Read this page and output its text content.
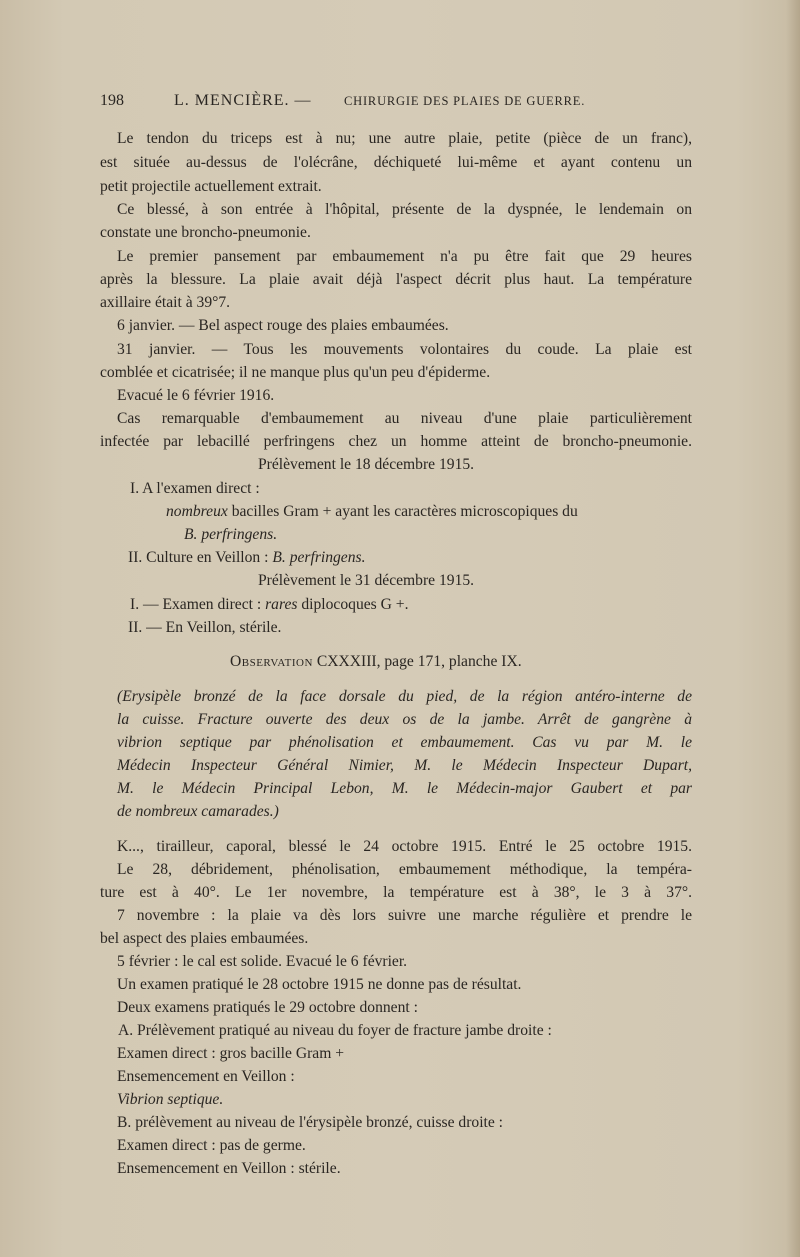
198	L. MENCIÈRE. —	CHIRURGIE DES PLAIES DE GUERRE.
Le tendon du triceps est à nu; une autre plaie, petite (pièce de un franc),
est située au-dessus de l'olécrâne, déchiqueté lui-même et ayant contenu un
petit projectile actuellement extrait.
Ce blessé, à son entrée à l'hôpital, présente de la dyspnée, le lendemain on
constate une broncho-pneumonie.
Le premier pansement par embaumement n'a pu être fait que 29 heures
après la blessure. La plaie avait déjà l'aspect décrit plus haut. La température
axillaire était à 39°7.
6 janvier. — Bel aspect rouge des plaies embaumées.
31 janvier. — Tous les mouvements volontaires du coude. La plaie est
comblée et cicatrisée; il ne manque plus qu'un peu d'épiderme.
Evacué le 6 février 1916.
Cas remarquable d'embaumement au niveau d'une plaie particulièrement
infectée par lebacillé perfringens chez un homme atteint de broncho-pneumonie.
Prélèvement le 18 décembre 1915.
I. A l'examen direct :
nombreux bacilles Gram + ayant les caractères microscopiques du
B. perfringens.
II. Culture en Veillon : B. perfringens.
Prélèvement le 31 décembre 1915.
I. — Examen direct : rares diplocoques G +.
II. — En Veillon, stérile.
Observation CXXXIII, page 171, planche IX.
(Erysipèle bronzé de la face dorsale du pied, de la région antéro-interne de
la cuisse. Fracture ouverte des deux os de la jambe. Arrêt de gangrène à
vibrion septique par phénolisation et embaumement. Cas vu par M. le
Médecin Inspecteur Général Nimier, M. le Médecin Inspecteur Dupart,
M. le Médecin Principal Lebon, M. le Médecin-major Gaubert et par
de nombreux camarades.)
K..., tirailleur, caporal, blessé le 24 octobre 1915. Entré le 25 octobre 1915.
Le 28, débridement, phénolisation, embaumement méthodique, la tempéra-
ture est à 40°. Le 1er novembre, la température est à 38°, le 3 à 37°.
7 novembre : la plaie va dès lors suivre une marche régulière et prendre le
bel aspect des plaies embaumées.
5 février : le cal est solide. Evacué le 6 février.
Un examen pratiqué le 28 octobre 1915 ne donne pas de résultat.
Deux examens pratiqués le 29 octobre donnent :
A. Prélèvement pratiqué au niveau du foyer de fracture jambe droite :
Examen direct : gros bacille Gram +
Ensemencement en Veillon :
Vibrion septique.
B. prélèvement au niveau de l'érysipèle bronzé, cuisse droite :
Examen direct : pas de germe.
Ensemencement en Veillon : stérile.
